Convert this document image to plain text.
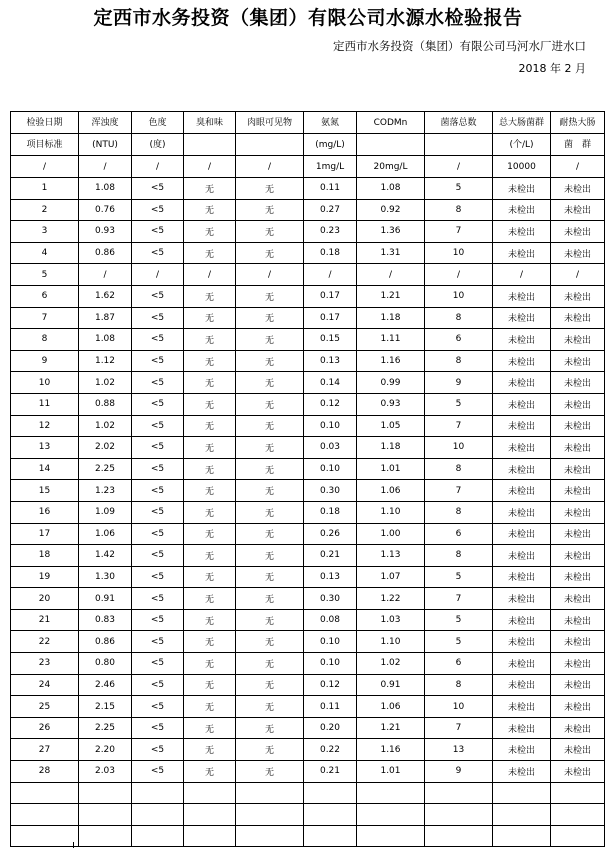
定西市水务投资（集团）有限公司水源水检验报告
定西市水务投资（集团）有限公司马河水厂进水口
2018 年 2 月
检验日期	浑浊度	色度	臭和味	肉眼可见物	氨氮	CODMn	菌落总数	总大肠菌群	耐热大肠
项目标准	(NTU)	(度)			(mg/L)			(个/L)	菌　群
/	/	/	/	/	1mg/L	20mg/L	/	10000	/
1	1.08	<5	无	无	0.11	1.08	5	未检出	未检出
2	0.76	<5	无	无	0.27	0.92	8	未检出	未检出
3	0.93	<5	无	无	0.23	1.36	7	未检出	未检出
4	0.86	<5	无	无	0.18	1.31	10	未检出	未检出
5	/	/	/	/	/	/	/	/	/
6	1.62	<5	无	无	0.17	1.21	10	未检出	未检出
7	1.87	<5	无	无	0.17	1.18	8	未检出	未检出
8	1.08	<5	无	无	0.15	1.11	6	未检出	未检出
9	1.12	<5	无	无	0.13	1.16	8	未检出	未检出
10	1.02	<5	无	无	0.14	0.99	9	未检出	未检出
11	0.88	<5	无	无	0.12	0.93	5	未检出	未检出
12	1.02	<5	无	无	0.10	1.05	7	未检出	未检出
13	2.02	<5	无	无	0.03	1.18	10	未检出	未检出
14	2.25	<5	无	无	0.10	1.01	8	未检出	未检出
15	1.23	<5	无	无	0.30	1.06	7	未检出	未检出
16	1.09	<5	无	无	0.18	1.10	8	未检出	未检出
17	1.06	<5	无	无	0.26	1.00	6	未检出	未检出
18	1.42	<5	无	无	0.21	1.13	8	未检出	未检出
19	1.30	<5	无	无	0.13	1.07	5	未检出	未检出
20	0.91	<5	无	无	0.30	1.22	7	未检出	未检出
21	0.83	<5	无	无	0.08	1.03	5	未检出	未检出
22	0.86	<5	无	无	0.10	1.10	5	未检出	未检出
23	0.80	<5	无	无	0.10	1.02	6	未检出	未检出
24	2.46	<5	无	无	0.12	0.91	8	未检出	未检出
25	2.15	<5	无	无	0.11	1.06	10	未检出	未检出
26	2.25	<5	无	无	0.20	1.21	7	未检出	未检出
27	2.20	<5	无	无	0.22	1.16	13	未检出	未检出
28	2.03	<5	无	无	0.21	1.01	9	未检出	未检出
